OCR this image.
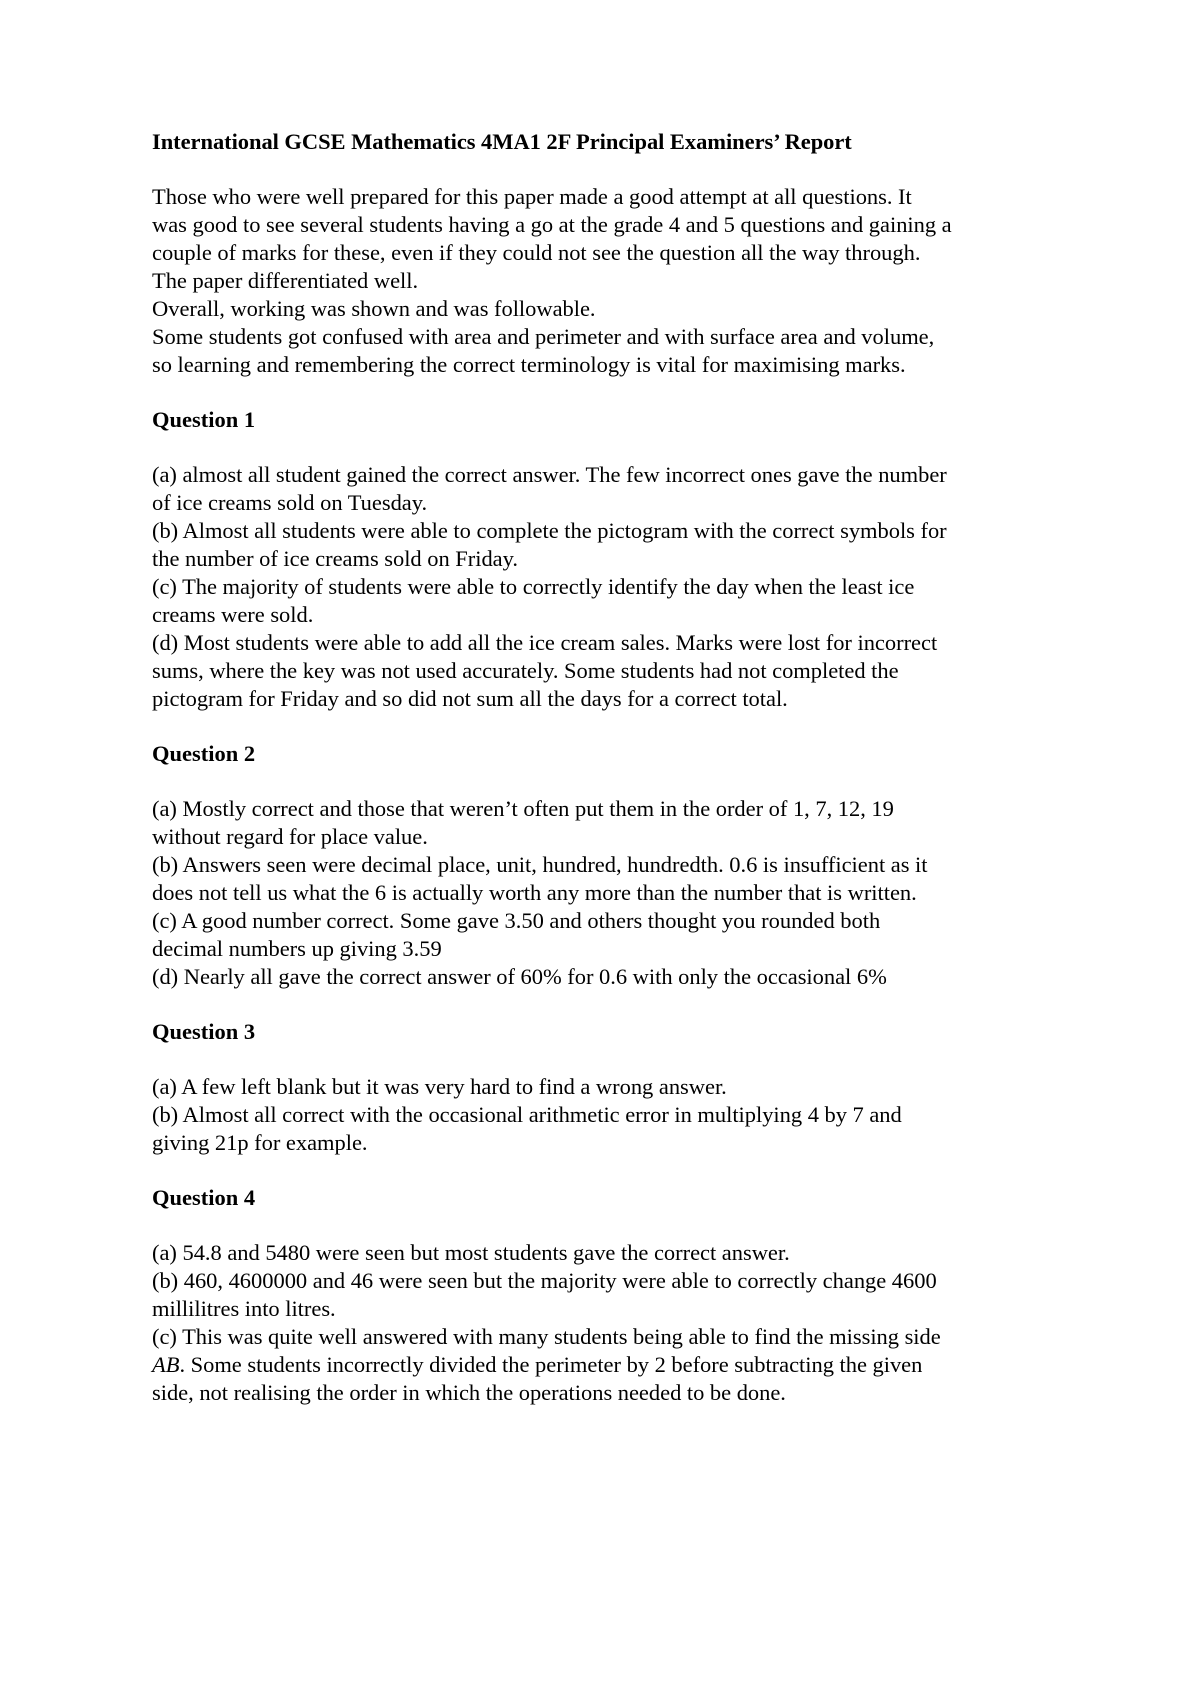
International GCSE Mathematics 4MA1 2F Principal Examiners’ Report

Those who were well prepared for this paper made a good attempt at all questions. It was good to see several students having a go at the grade 4 and 5 questions and gaining a couple of marks for these, even if they could not see the question all the way through. The paper differentiated well.

Overall, working was shown and was followable.

Some students got confused with area and perimeter and with surface area and volume, so learning and remembering the correct terminology is vital for maximising marks.

Question 1

(a) almost all student gained the correct answer. The few incorrect ones gave the number of ice creams sold on Tuesday.

(b) Almost all students were able to complete the pictogram with the correct symbols for the number of ice creams sold on Friday.

(c) The majority of students were able to correctly identify the day when the least ice creams were sold.

(d) Most students were able to add all the ice cream sales. Marks were lost for incorrect sums, where the key was not used accurately. Some students had not completed the pictogram for Friday and so did not sum all the days for a correct total.

Question 2

(a) Mostly correct and those that weren’t often put them in the order of 1, 7, 12, 19 without regard for place value.

(b) Answers seen were decimal place, unit, hundred, hundredth. 0.6 is insufficient as it does not tell us what the 6 is actually worth any more than the number that is written.

(c) A good number correct. Some gave 3.50 and others thought you rounded both decimal numbers up giving 3.59

(d) Nearly all gave the correct answer of 60% for 0.6 with only the occasional 6%

Question 3

(a) A few left blank but it was very hard to find a wrong answer.

(b) Almost all correct with the occasional arithmetic error in multiplying 4 by 7 and giving 21p for example.

Question 4

(a) 54.8 and 5480 were seen but most students gave the correct answer.

(b) 460, 4600000 and 46 were seen but the majority were able to correctly change 4600 millilitres into litres.

(c) This was quite well answered with many students being able to find the missing side AB. Some students incorrectly divided the perimeter by 2 before subtracting the given side, not realising the order in which the operations needed to be done.
